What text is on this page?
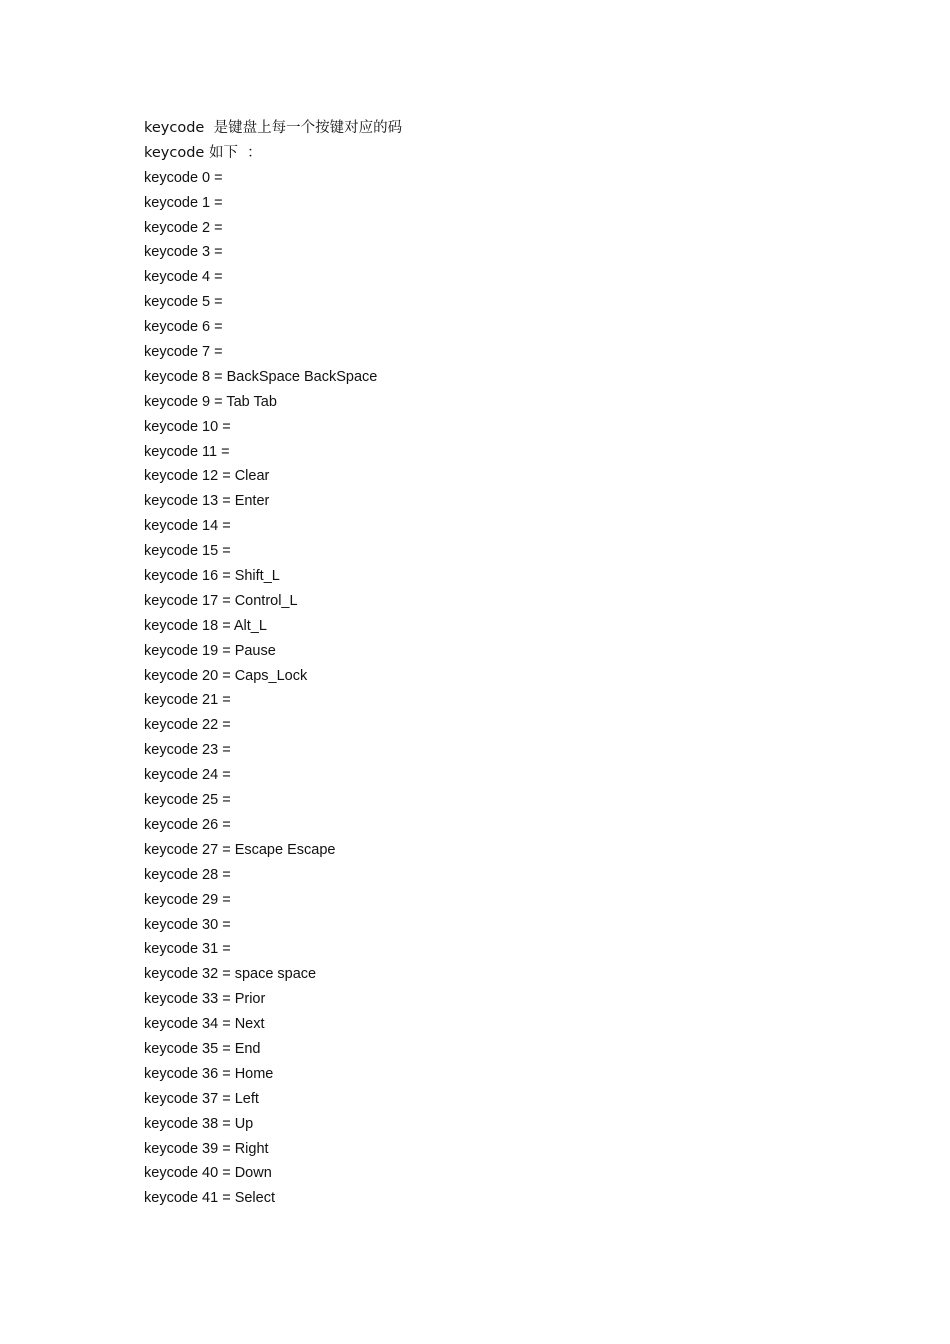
keycode  是键盘上每一个按键对应的码
keycode 如下  ：
keycode 0 =
keycode 1 =
keycode 2 =
keycode 3 =
keycode 4 =
keycode 5 =
keycode 6 =
keycode 7 =
keycode 8 = BackSpace BackSpace
keycode 9 = Tab Tab
keycode 10 =
keycode 11 =
keycode 12 = Clear
keycode 13 = Enter
keycode 14 =
keycode 15 =
keycode 16 = Shift_L
keycode 17 = Control_L
keycode 18 = Alt_L
keycode 19 = Pause
keycode 20 = Caps_Lock
keycode 21 =
keycode 22 =
keycode 23 =
keycode 24 =
keycode 25 =
keycode 26 =
keycode 27 = Escape Escape
keycode 28 =
keycode 29 =
keycode 30 =
keycode 31 =
keycode 32 = space space
keycode 33 = Prior
keycode 34 = Next
keycode 35 = End
keycode 36 = Home
keycode 37 = Left
keycode 38 = Up
keycode 39 = Right
keycode 40 = Down
keycode 41 = Select
